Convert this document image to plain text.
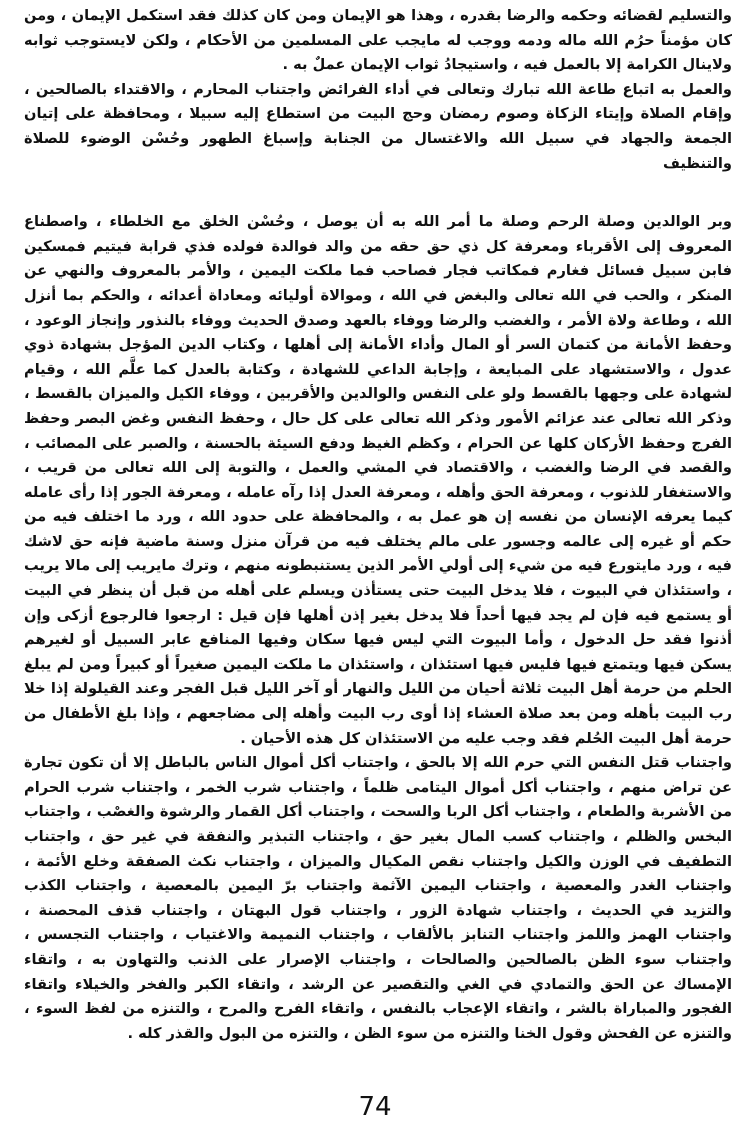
والتسليم لقضائه وحكمه والرضا بقدره ، وهذا هو الإيمان ومن كان كذلك فقد استكمل الإيمان ، ومن كان مؤمناً حرُم الله ماله ودمه ووجب له مايجب على المسلمين من الأحكام ، ولكن لايستوجب ثوابه ولاينال الكرامة إلا بالعمل فيه ، واستيجادُ ثواب الإيمان عملٌ به .

والعمل به اتباع طاعة الله تبارك وتعالى في أداء الفرائض واجتناب المحارم ، والاقتداء بالصالحين ، وإقام الصلاة وإيتاء الزكاة وصوم رمضان وحج البيت من استطاع إليه سبيلا ، ومحافظة على إتيان الجمعة والجهاد في سبيل الله والاغتسال من الجنابة وإسباغ الطهور وحُسْن الوضوء للصلاة والتنظيف

وبر الوالدين وصلة الرحم وصلة ما أمر الله به أن يوصل ، وحُسْن الخلق مع الخلطاء ، واصطناع المعروف إلى الأقرباء ومعرفة كل ذي حق حقه من والد فوالدة فولده فذي قرابة فيتيم فمسكين فابن سبيل فسائل فغارم فمكاتب فجار فصاحب فما ملكت اليمين ، والأمر بالمعروف والنهي عن المنكر ، والحب في الله تعالى والبغض في الله ، وموالاة أوليائه ومعاداة أعدائه ، والحكم بما أنزل الله ، وطاعة ولاة الأمر ، والغضب والرضا ووفاء بالعهد وصدق الحديث ووفاء بالنذور وإنجاز الوعود ، وحفظ الأمانة من كتمان السر أو المال وأداء الأمانة إلى أهلها ، وكتاب الدين المؤجل بشهادة ذوي عدول ، والاستشهاد على المبايعة ، وإجابة الداعي للشهادة ، وكتابة بالعدل كما علَّم الله ، وقيام لشهادة على وجهها بالقسط ولو على النفس والوالدين والأقربين ، ووفاء الكيل والميزان بالقسط ، وذكر الله تعالى عند عزائم الأمور وذكر الله تعالى على كل حال ، وحفظ النفس وغض البصر وحفظ الفرج وحفظ الأركان كلها عن الحرام ، وكظم الغيظ ودفع السيئة بالحسنة ، والصبر على المصائب ، والقصد في الرضا والغضب ، والاقتصاد في المشي والعمل ، والتوبة إلى الله تعالى من قريب ، والاستغفار للذنوب ، ومعرفة الحق وأهله ، ومعرفة العدل إذا رآه عامله ، ومعرفة الجور إذا رأى عامله كيما يعرفه الإنسان من نفسه إن هو عمل به ، والمحافظة على حدود الله ، ورد ما اختلف فيه من حكم أو غيره إلى عالمه وجسور على مالم يختلف فيه من قرآن منزل وسنة ماضية فإنه حق لاشك فيه ، ورد مايتورع فيه من شيء إلى أولي الأمر الذين يستنبطونه منهم ، وترك مايريب إلى مالا يريب ، واستئذان في البيوت ، فلا يدخل البيت حتى يستأذن ويسلم على أهله من قبل أن ينظر في البيت أو يستمع فيه فإن لم يجد فيها أحداً فلا يدخل بغير إذن أهلها فإن قيل : ارجعوا فالرجوع أزكى وإن أذنوا فقد حل الدخول ، وأما البيوت التي ليس فيها سكان وفيها المنافع عابر السبيل أو لغيرهم يسكن فيها ويتمتع فيها فليس فيها استئذان ، واستئذان ما ملكت اليمين صغيراً أو كبيراً ومن لم يبلغ الحلم من حرمة أهل البيت ثلاثة أحيان من الليل والنهار أو آخر الليل قبل الفجر وعند القيلولة إذا خلا رب البيت بأهله ومن بعد صلاة العشاء إذا أوى رب البيت وأهله إلى مضاجعهم ، وإذا بلغ الأطفال من حرمة أهل البيت الحُلم فقد وجب عليه من الاستئذان كل هذه الأحيان .

واجتناب قتل النفس التي حرم الله إلا بالحق ، واجتناب أكل أموال الناس بالباطل إلا أن تكون تجارة عن تراض منهم ، واجتناب أكل أموال اليتامى ظلماً ، واجتناب شرب الخمر ، واجتناب شرب الحرام من الأشربة والطعام ، واجتناب أكل الربا والسحت ، واجتناب أكل القمار والرشوة والغصْب ، واجتناب البخس والظلم ، واجتناب كسب المال بغير حق ، واجتناب التبذير والنفقة في غير حق ، واجتناب التطفيف في الوزن والكيل واجتناب نقص المكيال والميزان ، واجتناب نكث الصفقة وخلع الأئمة ، واجتناب الغدر والمعصية ، واجتناب اليمين الآثمة واجتناب برّ اليمين بالمعصية ، واجتناب الكذب والتزيد في الحديث ، واجتناب شهادة الزور ، واجتناب قول البهتان ، واجتناب قذف المحصنة ، واجتناب الهمز واللمز واجتناب التنابز بالألقاب ، واجتناب النميمة والاغتياب ، واجتناب التجسس ، واجتناب سوء الظن بالصالحين والصالحات ، واجتناب الإصرار على الذنب والتهاون به ، واتقاء الإمساك عن الحق والتمادي في الغي والتقصير عن الرشد ، واتقاء الكبر والفخر والخيلاء واتقاء الفجور والمباراة بالشر ، واتقاء الإعجاب بالنفس ، واتقاء الفرح والمرح ، والتنزه من لفظ السوء ، والتنزه عن الفحش وقول الخنا والتنزه من سوء الظن ، والتنزه من البول والقذر كله .

74
